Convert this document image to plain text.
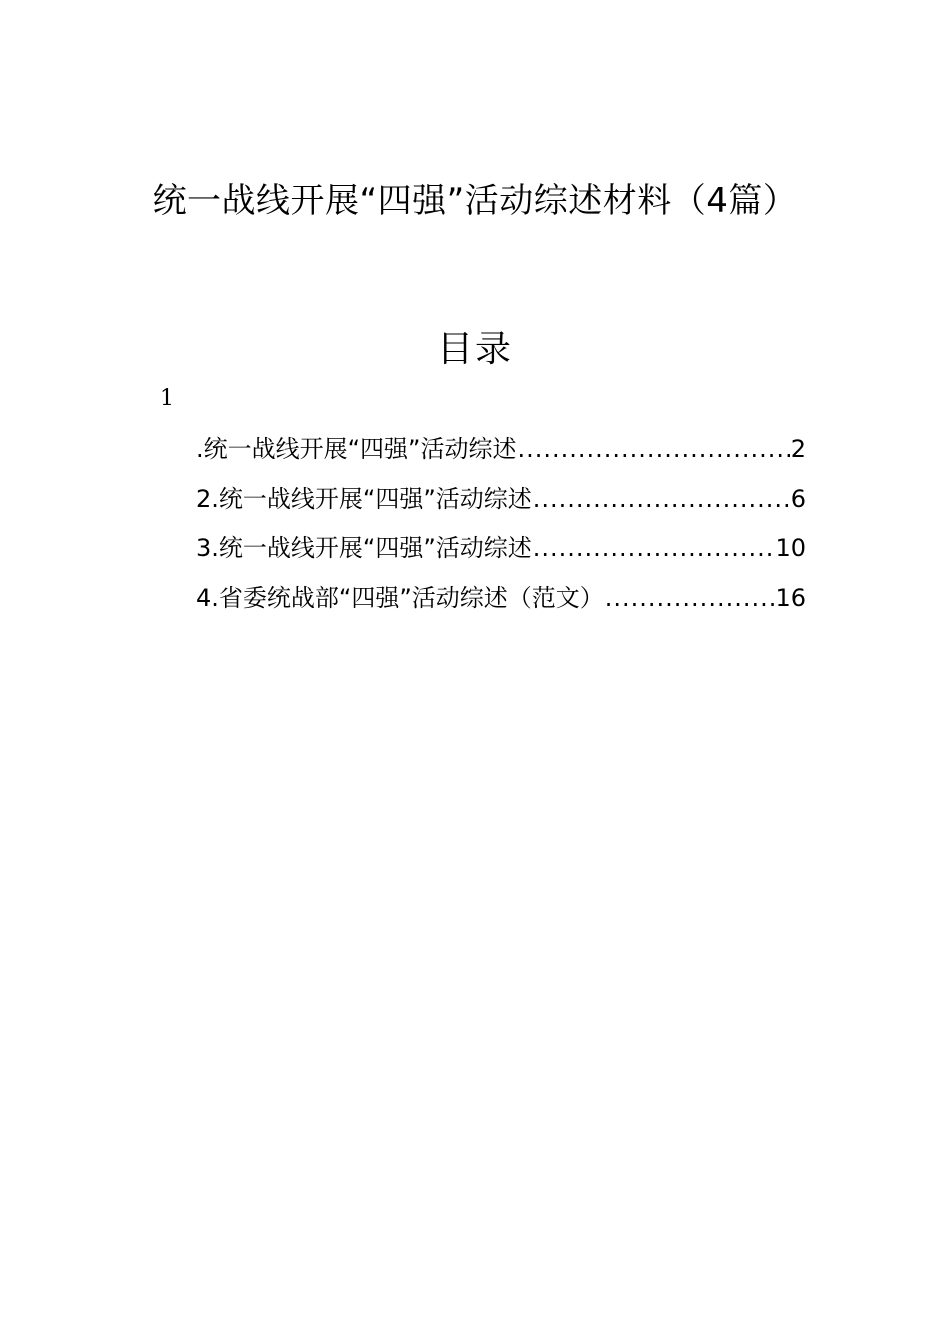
统一战线开展“四强”活动综述材料（4篇）
目录
1
.统一战线开展“四强”活动综述 .....	2
2.统一战线开展“四强”活动综述 .....	6
3.统一战线开展“四强”活动综述 .....	10
4.省委统战部“四强”活动综述（范文） .....	16
